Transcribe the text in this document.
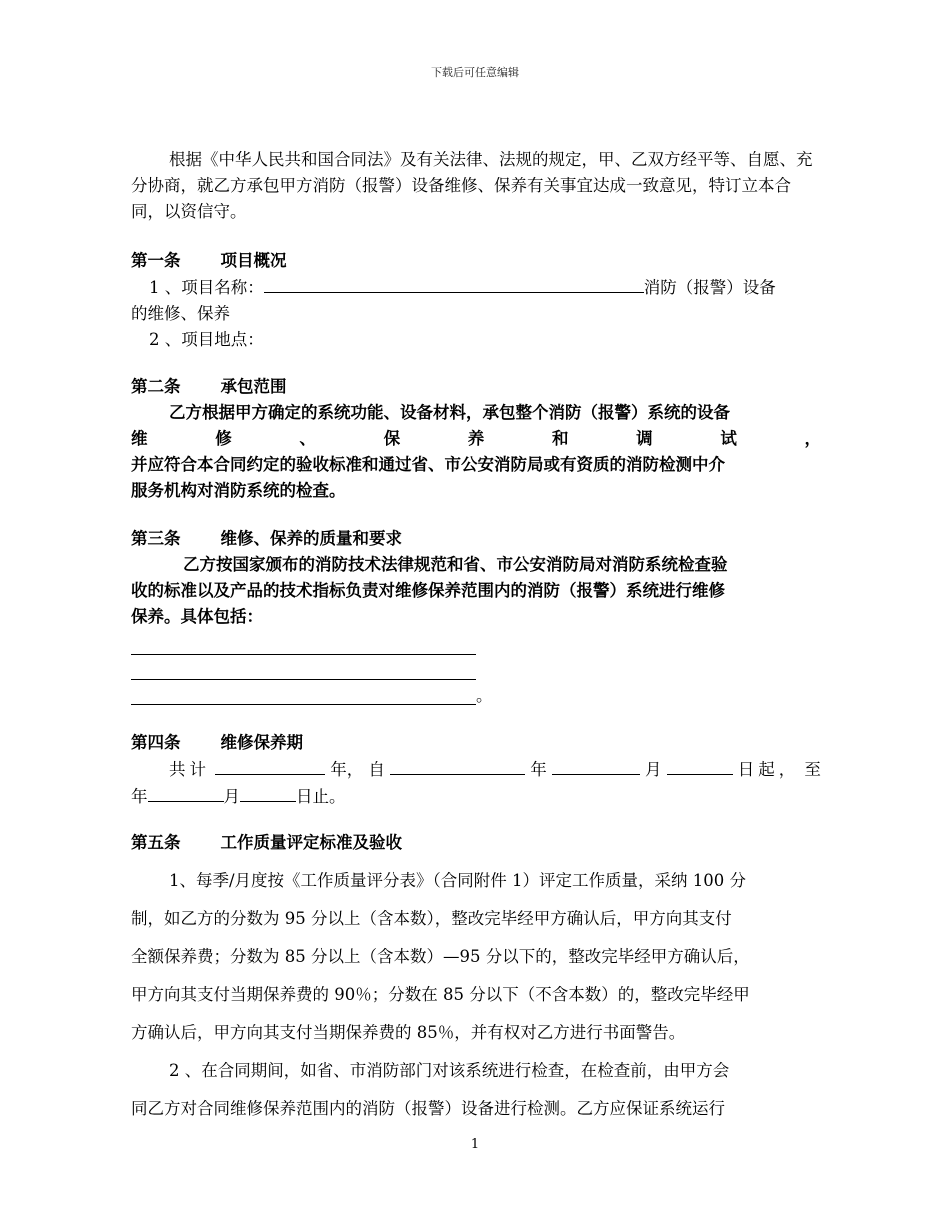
下载后可任意编辑

根据《中华人民共和国合同法》及有关法律、法规的规定，甲、乙双方经平等、自愿、充分协商，就乙方承包甲方消防（报警）设备维修、保养有关事宜达成一致意见，特订立本合同，以资信守。

第一条 项目概况

1 、项目名称：	消防（报警）设备

的维修、保养

2 、项目地点：

第二条 承包范围

乙方根据甲方确定的系统功能、设备材料，承包整个消防（报警）系统的设备

维	修	、	保	养	和	调	试	，

并应符合本合同约定的验收标准和通过省、市公安消防局或有资质的消防检测中介

服务机构对消防系统的检查。

第三条 维修、保养的质量和要求

乙方按国家颁布的消防技术法律规范和省、市公安消防局对消防系统检查验

收的标准以及产品的技术指标负责对维修保养范围内的消防（报警）系统进行维修

保养。具体包括：

。

第四条 维修保养期

共计	年， 自	年	月	日起， 至

年	月	日止。

第五条 工作质量评定标准及验收

1、每季/月度按《工作质量评分表》（合同附件 1）评定工作质量，采纳 100 分

制，如乙方的分数为 95 分以上（含本数），整改完毕经甲方确认后，甲方向其支付

全额保养费；分数为 85 分以上（含本数）—95 分以下的，整改完毕经甲方确认后，

甲方向其支付当期保养费的 90％；分数在 85 分以下（不含本数）的，整改完毕经甲

方确认后，甲方向其支付当期保养费的 85％，并有权对乙方进行书面警告。

2 、在合同期间，如省、市消防部门对该系统进行检查，在检查前，由甲方会

同乙方对合同维修保养范围内的消防（报警）设备进行检测。乙方应保证系统运行

1
